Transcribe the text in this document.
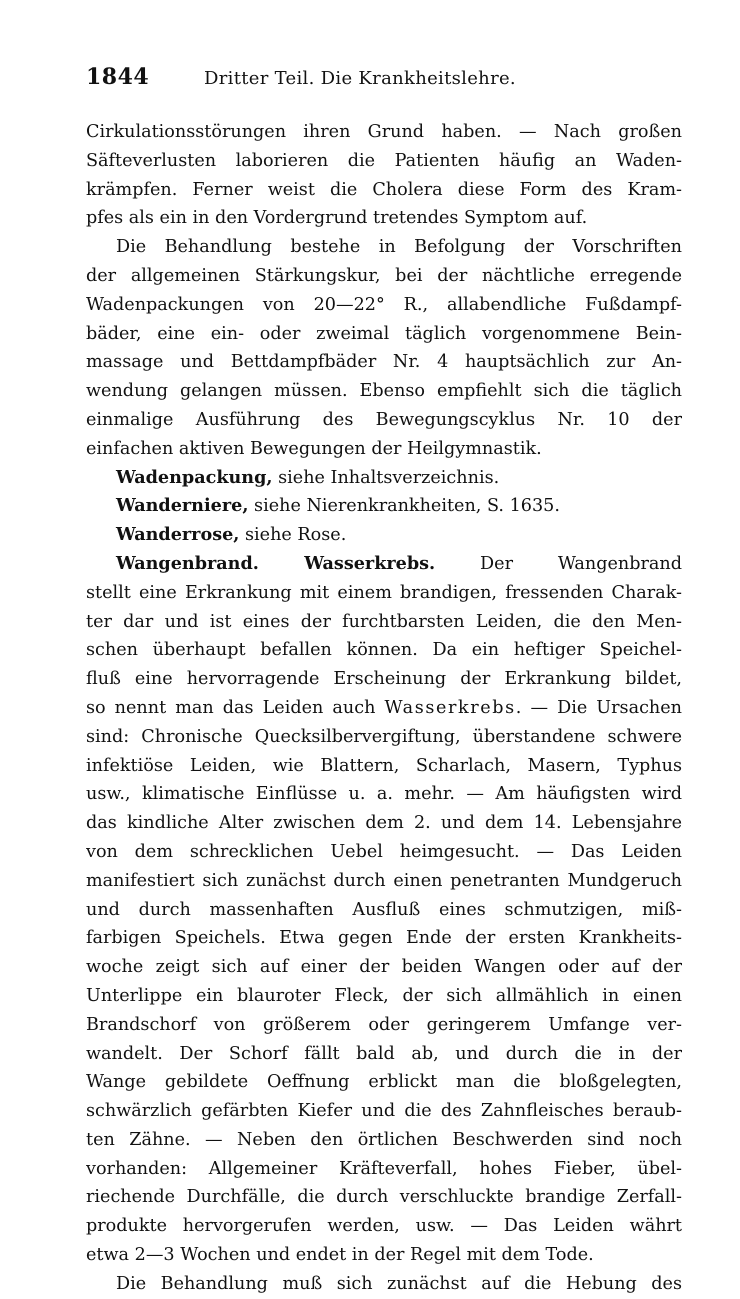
1844	Dritter Teil. Die Krankheitslehre.
Cirkulationsstörungen ihren Grund haben. — Nach großen
Säfteverlusten laborieren die Patienten häufig an Waden-
krämpfen. Ferner weist die Cholera diese Form des Kram-
pfes als ein in den Vordergrund tretendes Symptom auf.
Die Behandlung bestehe in Befolgung der Vorschriften
der allgemeinen Stärkungskur, bei der nächtliche erregende
Wadenpackungen von 20—22° R., allabendliche Fußdampf-
bäder, eine ein- oder zweimal täglich vorgenommene Bein-
massage und Bettdampfbäder Nr. 4 hauptsächlich zur An-
wendung gelangen müssen. Ebenso empfiehlt sich die täglich
einmalige Ausführung des Bewegungscyklus Nr. 10 der
einfachen aktiven Bewegungen der Heilgymnastik.
Wadenpackung, siehe Inhaltsverzeichnis.
Wanderniere, siehe Nierenkrankheiten, S. 1635.
Wanderrose, siehe Rose.
Wangenbrand. Wasserkrebs. Der Wangenbrand
stellt eine Erkrankung mit einem brandigen, fressenden Charak-
ter dar und ist eines der furchtbarsten Leiden, die den Men-
schen überhaupt befallen können. Da ein heftiger Speichel-
fluß eine hervorragende Erscheinung der Erkrankung bildet,
so nennt man das Leiden auch Wasserkrebs. — Die Ursachen
sind: Chronische Quecksilbervergiftung, überstandene schwere
infektiöse Leiden, wie Blattern, Scharlach, Masern, Typhus
usw., klimatische Einflüsse u. a. mehr. — Am häufigsten wird
das kindliche Alter zwischen dem 2. und dem 14. Lebensjahre
von dem schrecklichen Uebel heimgesucht. — Das Leiden
manifestiert sich zunächst durch einen penetranten Mundgeruch
und durch massenhaften Ausfluß eines schmutzigen, miß-
farbigen Speichels. Etwa gegen Ende der ersten Krankheits-
woche zeigt sich auf einer der beiden Wangen oder auf der
Unterlippe ein blauroter Fleck, der sich allmählich in einen
Brandschorf von größerem oder geringerem Umfange ver-
wandelt. Der Schorf fällt bald ab, und durch die in der
Wange gebildete Oeffnung erblickt man die bloßgelegten,
schwärzlich gefärbten Kiefer und die des Zahnfleisches beraub-
ten Zähne. — Neben den örtlichen Beschwerden sind noch
vorhanden: Allgemeiner Kräfteverfall, hohes Fieber, übel-
riechende Durchfälle, die durch verschluckte brandige Zerfall-
produkte hervorgerufen werden, usw. — Das Leiden währt
etwa 2—3 Wochen und endet in der Regel mit dem Tode.
Die Behandlung muß sich zunächst auf die Hebung des
